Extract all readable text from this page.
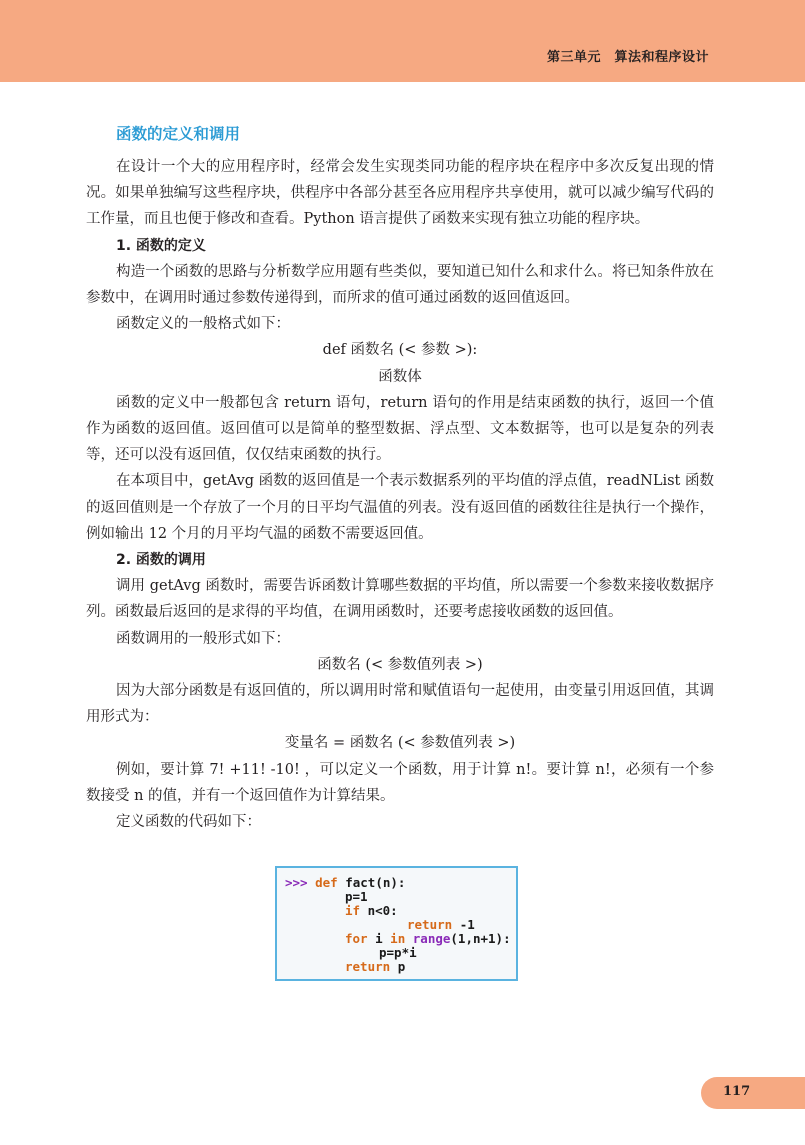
第三单元　算法和程序设计
函数的定义和调用

在设计一个大的应用程序时，经常会发生实现类同功能的程序块在程序中多次反复出现的情况。如果单独编写这些程序块，供程序中各部分甚至各应用程序共享使用，就可以减少编写代码的工作量，而且也便于修改和查看。Python 语言提供了函数来实现有独立功能的程序块。

1. 函数的定义

构造一个函数的思路与分析数学应用题有些类似，要知道已知什么和求什么。将已知条件放在参数中，在调用时通过参数传递得到，而所求的值可通过函数的返回值返回。

函数定义的一般格式如下：

def 函数名 (< 参数 >):

函数体

函数的定义中一般都包含 return 语句，return 语句的作用是结束函数的执行，返回一个值作为函数的返回值。返回值可以是简单的整型数据、浮点型、文本数据等，也可以是复杂的列表等，还可以没有返回值，仅仅结束函数的执行。

在本项目中，getAvg 函数的返回值是一个表示数据系列的平均值的浮点值，readNList 函数的返回值则是一个存放了一个月的日平均气温值的列表。没有返回值的函数往往是执行一个操作，例如输出 12 个月的月平均气温的函数不需要返回值。

2. 函数的调用

调用 getAvg 函数时，需要告诉函数计算哪些数据的平均值，所以需要一个参数来接收数据序列。函数最后返回的是求得的平均值，在调用函数时，还要考虑接收函数的返回值。

函数调用的一般形式如下：

函数名 (< 参数值列表 >)

因为大部分函数是有返回值的，所以调用时常和赋值语句一起使用，由变量引用返回值，其调用形式为：

变量名 = 函数名 (< 参数值列表 >)

例如，要计算 7! +11! -10! ，可以定义一个函数，用于计算 n!。要计算 n!，必须有一个参数接受 n 的值，并有一个返回值作为计算结果。

定义函数的代码如下：

>>> def fact(n):
p=1
if n<0:
return -1
for i in range(1,n+1):
p=p*i
return p
117
